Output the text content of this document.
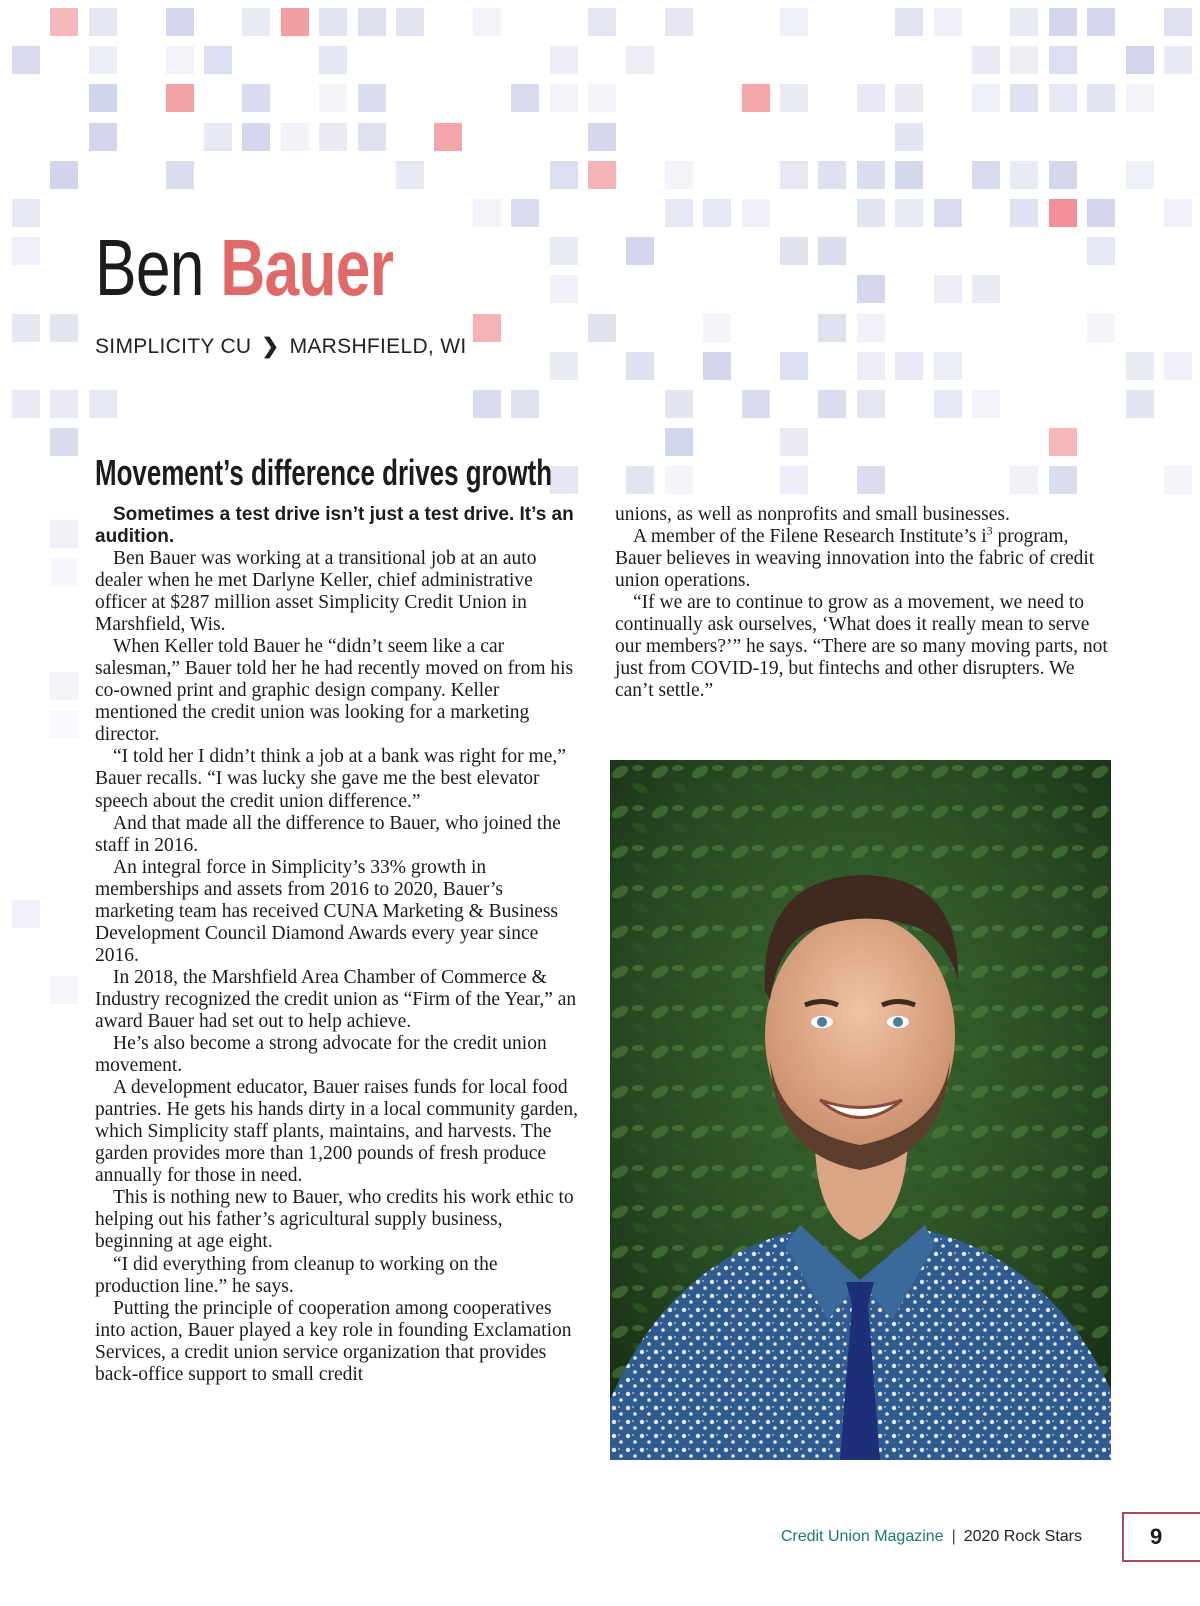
Ben Bauer
SIMPLICITY CU ❯ MARSHFIELD, WI
Movement’s difference drives growth

Sometimes a test drive isn’t just a test drive. It’s an audition.

Ben Bauer was working at a transitional job at an auto dealer when he met Darlyne Keller, chief administrative officer at $287 million asset Simplicity Credit Union in Marshfield, Wis.

When Keller told Bauer he “didn’t seem like a car salesman,” Bauer told her he had recently moved on from his co-owned print and graphic design company. Keller mentioned the credit union was looking for a marketing director.

“I told her I didn’t think a job at a bank was right for me,” Bauer recalls. “I was lucky she gave me the best elevator speech about the credit union difference.”

And that made all the difference to Bauer, who joined the staff in 2016.

An integral force in Simplicity’s 33% growth in memberships and assets from 2016 to 2020, Bauer’s marketing team has received CUNA Marketing & Business Development Council Diamond Awards every year since 2016.

In 2018, the Marshfield Area Chamber of Commerce & Industry recognized the credit union as “Firm of the Year,” an award Bauer had set out to help achieve.

He’s also become a strong advocate for the credit union movement.

A development educator, Bauer raises funds for local food pantries. He gets his hands dirty in a local community garden, which Simplicity staff plants, maintains, and harvests. The garden provides more than 1,200 pounds of fresh produce annually for those in need.

This is nothing new to Bauer, who credits his work ethic to helping out his father’s agricultural supply business, beginning at age eight.

“I did everything from cleanup to working on the production line.” he says.

Putting the principle of cooperation among cooperatives into action, Bauer played a key role in founding Exclamation Services, a credit union service organization that provides back-office support to small credit

unions, as well as nonprofits and small businesses.

A member of the Filene Research Institute’s $i^3$ program, Bauer believes in weaving innovation into the fabric of credit union operations.

“If we are to continue to grow as a movement, we need to continually ask ourselves, ‘What does it really mean to serve our members?’” he says. “There are so many moving parts, not just from COVID-19, but fintechs and other disrupters. We can’t settle.”

Credit Union Magazine | 2020 Rock Stars	9
